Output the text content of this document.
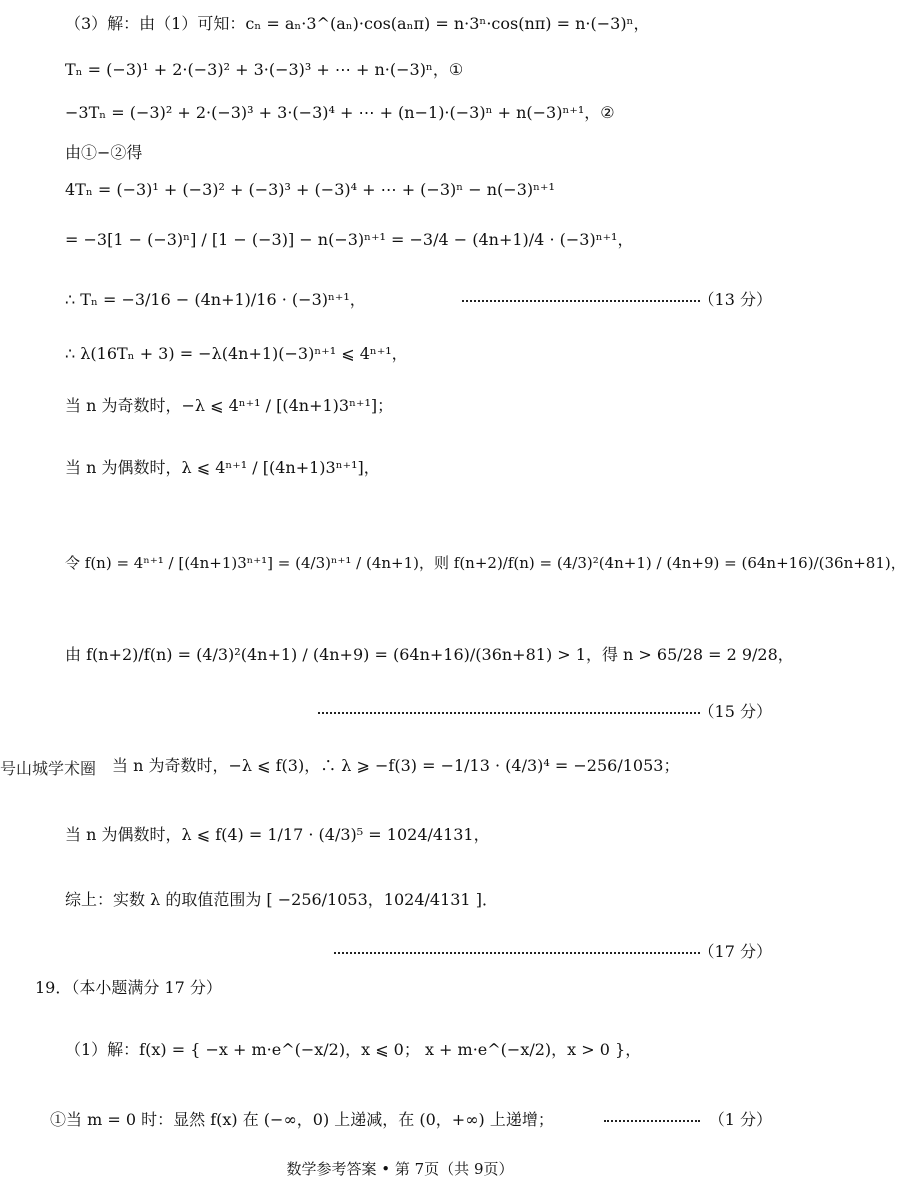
（3）解：由（1）可知：cₙ = aₙ·3^(aₙ)·cos(aₙπ) = n·3ⁿ·cos(nπ) = n·(−3)ⁿ，
Tₙ = (−3)¹ + 2·(−3)² + 3·(−3)³ + ⋯ + n·(−3)ⁿ，①
−3Tₙ = (−3)² + 2·(−3)³ + 3·(−3)⁴ + ⋯ + (n−1)·(−3)ⁿ + n(−3)ⁿ⁺¹，②
由①−②得
4Tₙ = (−3)¹ + (−3)² + (−3)³ + (−3)⁴ + ⋯ + (−3)ⁿ − n(−3)ⁿ⁺¹
= −3[1 − (−3)ⁿ] / [1 − (−3)] − n(−3)ⁿ⁺¹ = −3/4 − (4n+1)/4 · (−3)ⁿ⁺¹，
∴ Tₙ = −3/16 − (4n+1)/16 · (−3)ⁿ⁺¹，	（13 分）
∴ λ(16Tₙ + 3) = −λ(4n+1)(−3)ⁿ⁺¹ ⩽ 4ⁿ⁺¹，
当 n 为奇数时，−λ ⩽ 4ⁿ⁺¹ / [(4n+1)3ⁿ⁺¹]；
当 n 为偶数时，λ ⩽ 4ⁿ⁺¹ / [(4n+1)3ⁿ⁺¹]，
令 f(n) = 4ⁿ⁺¹ / [(4n+1)3ⁿ⁺¹] = (4/3)ⁿ⁺¹ / (4n+1)，则 f(n+2)/f(n) = (4/3)²(4n+1) / (4n+9) = (64n+16)/(36n+81)，
由 f(n+2)/f(n) = (4/3)²(4n+1) / (4n+9) = (64n+16)/(36n+81) > 1，得 n > 65/28 = 2 9/28，
（15 分）
号山城学术圈 当 n 为奇数时，−λ ⩽ f(3)，∴ λ ⩾ −f(3) = −1/13 · (4/3)⁴ = −256/1053；
当 n 为偶数时，λ ⩽ f(4) = 1/17 · (4/3)⁵ = 1024/4131，
综上：实数 λ 的取值范围为 [ −256/1053，1024/4131 ]．
（17 分）
19．（本小题满分 17 分）
（1）解：f(x) = { −x + m·e^(−x/2)，x ⩽ 0； x + m·e^(−x/2)，x > 0 }，
①当 m = 0 时：显然 f(x) 在 (−∞，0) 上递减，在 (0，+∞) 上递增；	（1 分）
数学参考答案 • 第 7页（共 9页）
